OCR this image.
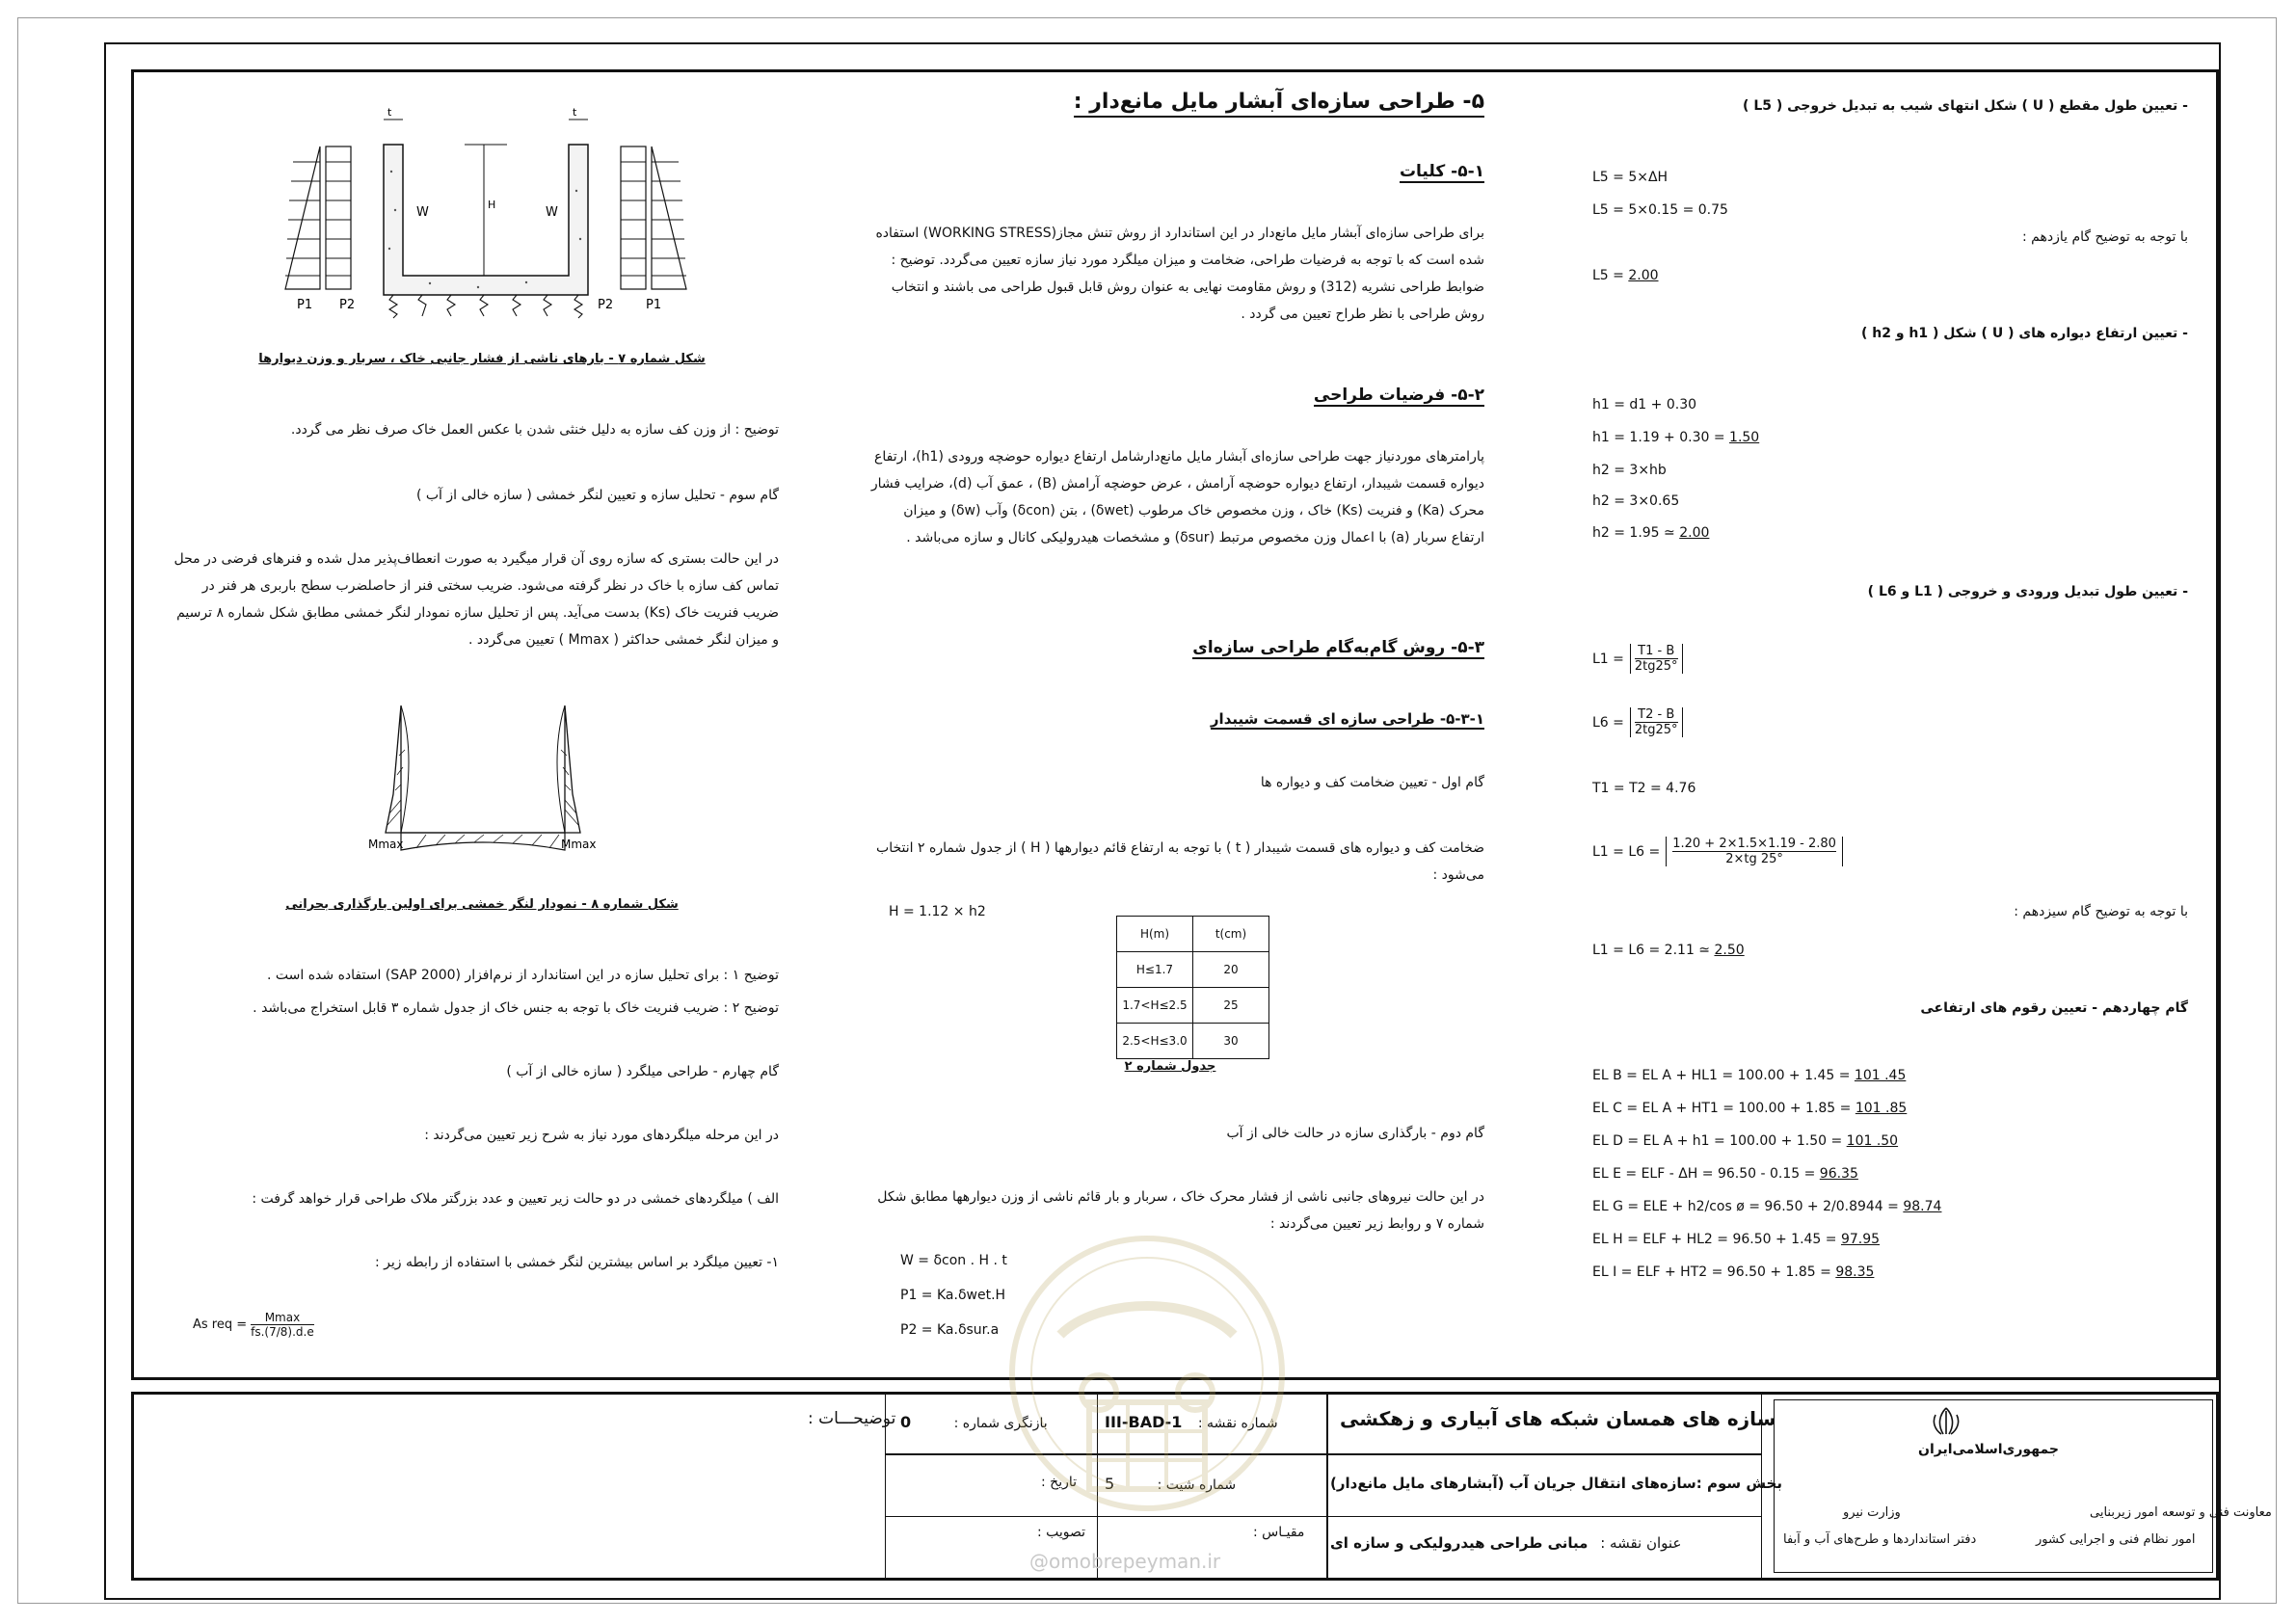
- تعیین طول مقطع ( U ) شکل انتهای شیب به تبدیل خروجی ( L5 )
L5 = 5×ΔH
L5 = 5×0.15 = 0.75
با توجه به توضیح گام یازدهم :
L5 = 2.00
- تعیین ارتفاع دیواره های ( U ) شکل ( h1 و h2 )
h1 = d1 + 0.30
h1 = 1.19 + 0.30 = 1.50
h2 = 3×hb
h2 = 3×0.65
h2 = 1.95 ≃ 2.00
- تعیین طول تبدیل ورودی و خروجی ( L1 و L6 )
$L1 = \frac{T1 - B}{2tg25^\circ}$
$L6 = \frac{T2 - B}{2tg25^\circ}$
T1 = T2 = 4.76
$L1 = L6 = \frac{1.20 + 2\times 1.5\times 1.19 - 2.80}{2\times tg 25^\circ}$
با توجه به توضیح گام سیزدهم :
L1 = L6 = 2.11 ≃ 2.50
گام چهاردهم - تعیین رقوم های ارتفاعی
EL B = EL A + HL1 = 100.00 + 1.45 = 101 .45
EL C = EL A + HT1 = 100.00 + 1.85 = 101 .85
EL D = EL A + h1 = 100.00 + 1.50 = 101 .50
EL E = ELF - ΔH = 96.50 - 0.15 = 96.35
EL G = ELE + h2/cos ø = 96.50 + 2/0.8944 = 98.74
EL H = ELF + HL2 = 96.50 + 1.45 = 97.95
EL I = ELF + HT2 = 96.50 + 1.85 = 98.35
۵- طراحی سازه‌ای آبشار مایل مانع‌دار :
۵-۱- کلیات
برای طراحی سازه‌ای آبشار مایل مانع‌دار در این استاندارد از روش تنش مجاز(WORKING STRESS) استفاده شده است که با توجه به فرضیات طراحی، ضخامت و میزان میلگرد مورد نیاز سازه تعیین می‌گردد. توضیح : ضوابط طراحی نشریه (312) و روش مقاومت نهایی به عنوان روش قابل قبول طراحی می باشند و انتخاب روش طراحی با نظر طراح تعیین می گردد .
۵-۲- فرضیات طراحی
پارامترهای موردنیاز جهت طراحی سازه‌ای آبشار مایل مانع‌دارشامل ارتفاع دیواره حوضچه ورودی (h1)، ارتفاع دیواره قسمت شیبدار، ارتفاع دیواره حوضچه آرامش ، عرض حوضچه آرامش (B) ، عمق آب (d)، ضرایب فشار محرک (Ka) و فنریت (Ks) خاک ، وزن مخصوص خاک مرطوب (δwet) ، بتن (δcon) وآب (δw) و میزان ارتفاع سربار (a) با اعمال وزن مخصوص مرتبط (δsur) و مشخصات هیدرولیکی کانال و سازه می‌باشد .
۵-۳- روش گام‌به‌گام طراحی سازه‌ای
۵-۳-۱- طراحی سازه ای قسمت شیبدار
گام اول - تعیین ضخامت کف و دیواره ها
ضخامت کف و دیواره های قسمت شیبدار ( t ) با توجه به ارتفاع قائم دیوارهها ( H ) از جدول شماره ۲ انتخاب می‌شود :
H = 1.12 × h2
H(m)	t(cm)
H≤1.7	20
1.7<H≤2.5	25
2.5<H≤3.0	30
جدول شماره ۲
گام دوم - بارگذاری سازه در حالت خالی از آب
در این حالت نیروهای جانبی ناشی از فشار محرک خاک ، سربار و بار قائم ناشی از وزن دیوارهها مطابق شکل شماره ۷ و روابط زیر تعیین می‌گردند :
W = δcon . H . t
P1 = Ka.δwet.H
P2 = Ka.δsur.a
t	t
W	W
H
P1 P2	P2	P1
شکل شماره ۷ - بارهای ناشی از فشار جانبی خاک ، سربار و وزن دیوارها
توضیح : از وزن کف سازه به دلیل خنثی شدن با عکس العمل خاک صرف نظر می گردد.
گام سوم - تحلیل سازه و تعیین لنگر خمشی ( سازه خالی از آب )
در این حالت بستری که سازه روی آن قرار میگیرد به صورت انعطاف‌پذیر مدل شده و فنرهای فرضی در محل تماس کف سازه با خاک در نظر گرفته می‌شود. ضریب سختی فنر از حاصلضرب سطح باربری هر فنر در ضریب فنریت خاک (Ks) بدست می‌آید. پس از تحلیل سازه نمودار لنگر خمشی مطابق شکل شماره ۸ ترسیم و میزان لنگر خمشی حداکثر ( Mmax ) تعیین می‌گردد .
Mmax	Mmax
شکل شماره ۸ - نمودار لنگر خمشی برای اولین بارگذاری بحرانی
توضیح ۱ : برای تحلیل سازه در این استاندارد از نرم‌افزار (SAP 2000) استفاده شده است .
توضیح ۲ : ضریب فنریت خاک با توجه به جنس خاک از جدول شماره ۳ قابل استخراج می‌باشد .
گام چهارم - طراحی میلگرد ( سازه خالی از آب )
در این مرحله میلگردهای مورد نیاز به شرح زیر تعیین می‌گردند :
الف ) میلگردهای خمشی در دو حالت زیر تعیین و عدد بزرگتر ملاک طراحی قرار خواهد گرفت :
۱- تعیین میلگرد بر اساس بیشترین لنگر خمشی با استفاده از رابطه زیر :
As req =	Mmax
fs.(7/8).d.e
توضیحـــات :	سازه های همسان شبکه های آبیاری و زهکشی
بخش سوم :سازه‌های انتقال جریان آب (آبشارهای مایل مانع‌دار)
عنوان نقشه : مبانی طراحی هیدرولیکی و سازه ای
شماره نقشه : III-BAD-1
شماره شیت : 5
مقیـاس :
بازنگری شماره : 0
تاریخ :
تصویب :
جمهوری‌اسلامی‌ایران
معاونت فنی و توسعه امور زیربنایی
وزارت نیرو
امور نظام فنی و اجرایی کشور
دفتر استانداردها و طرح‌های آب و آبفا
@omobrepeyman.ir
